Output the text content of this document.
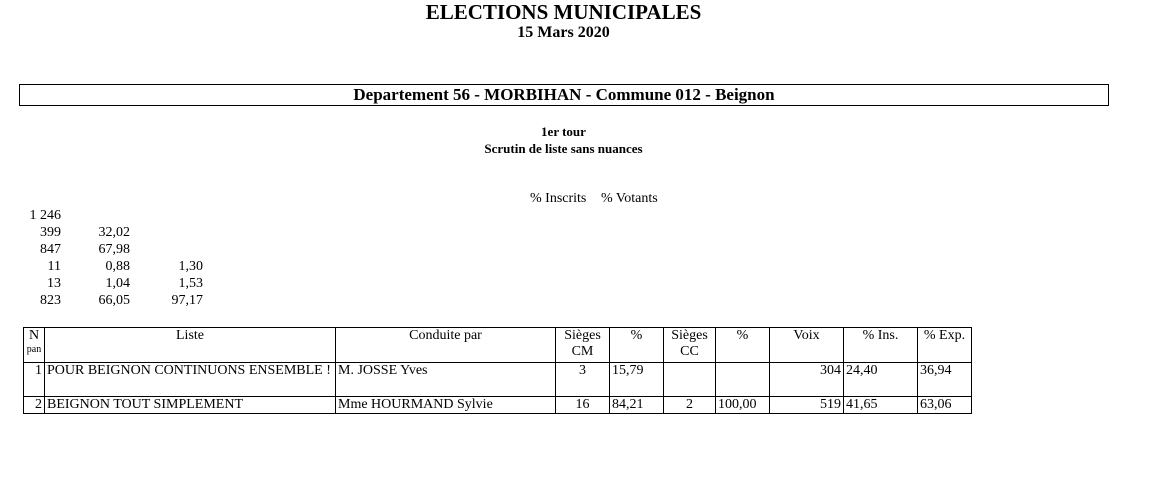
ELECTIONS MUNICIPALES
15 Mars 2020
Departement 56 - MORBIHAN - Commune 012 - Beignon
1er tour
Scrutin de liste sans nuances
% Inscrits % Votants
1 246
399	32,02
847	67,98
11	0,88	1,30
13	1,04	1,53
823	66,05	97,17
N
pan	Liste	Conduite par	Sièges CM	%	Sièges CC	%	Voix	% Ins.	% Exp.
1	POUR BEIGNON CONTINUONS ENSEMBLE !	M. JOSSE Yves	3	15,79			304	24,40	36,94
2	BEIGNON TOUT SIMPLEMENT	Mme HOURMAND Sylvie	16	84,21	2	100,00	519	41,65	63,06
